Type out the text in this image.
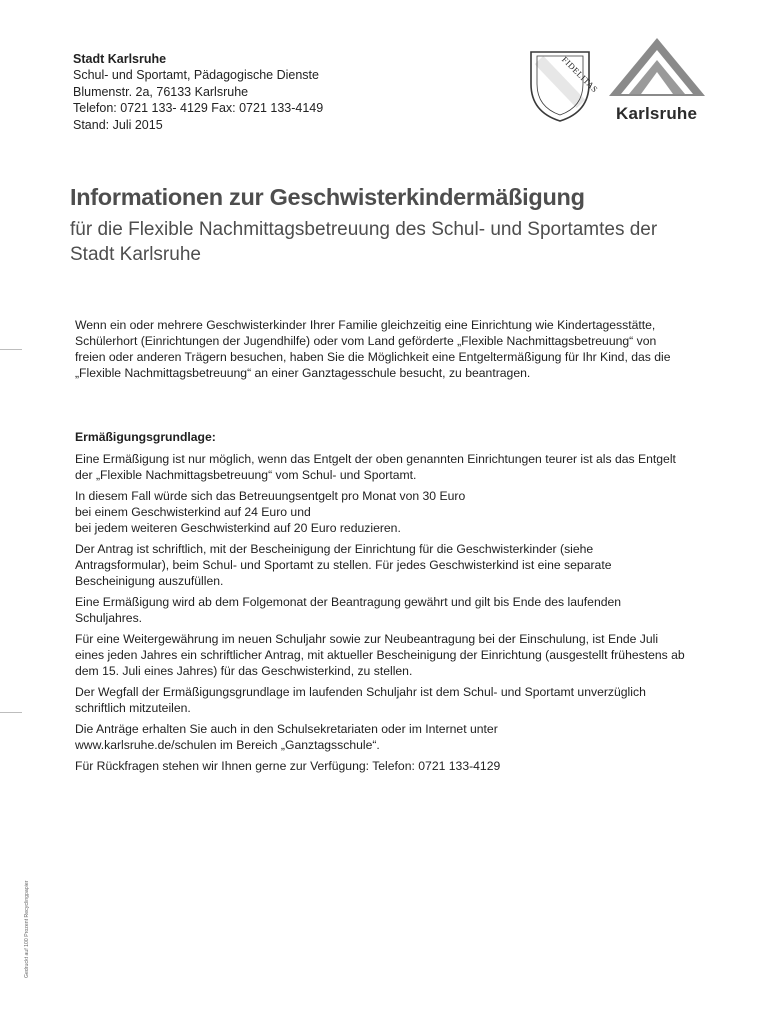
Stadt Karlsruhe
Schul- und Sportamt, Pädagogische Dienste
Blumenstr. 2a, 76133 Karlsruhe
Telefon: 0721 133- 4129 Fax: 0721 133-4149
Stand: Juli 2015
FIDELITAS
Karlsruhe
Informationen zur Geschwisterkindermäßigung
für die Flexible Nachmittagsbetreuung des Schul- und Sportamtes der Stadt Karlsruhe

Wenn ein oder mehrere Geschwisterkinder Ihrer Familie gleichzeitig eine Einrichtung wie Kindertagesstätte, Schülerhort (Einrichtungen der Jugendhilfe) oder vom Land geförderte „Flexible Nachmittagsbetreuung“ von freien oder anderen Trägern besuchen, haben Sie die Möglichkeit eine Entgeltermäßigung für Ihr Kind, das die „Flexible Nachmittagsbetreuung“ an einer Ganztagesschule besucht, zu beantragen.

Ermäßigungsgrundlage:

Eine Ermäßigung ist nur möglich, wenn das Entgelt der oben genannten Einrichtungen teurer ist als das Entgelt der „Flexible Nachmittagsbetreuung“ vom Schul- und Sportamt.

In diesem Fall würde sich das Betreuungsentgelt pro Monat von 30 Euro
bei einem Geschwisterkind auf 24 Euro und
bei jedem weiteren Geschwisterkind auf 20 Euro reduzieren.

Der Antrag ist schriftlich, mit der Bescheinigung der Einrichtung für die Geschwisterkinder (siehe Antragsformular), beim Schul- und Sportamt zu stellen. Für jedes Geschwisterkind ist eine separate Bescheinigung auszufüllen.

Eine Ermäßigung wird ab dem Folgemonat der Beantragung gewährt und gilt bis Ende des laufenden Schuljahres.

Für eine Weitergewährung im neuen Schuljahr sowie zur Neubeantragung bei der Einschulung, ist Ende Juli eines jeden Jahres ein schriftlicher Antrag, mit aktueller Bescheinigung der Einrichtung (ausgestellt frühestens ab dem 15. Juli eines Jahres) für das Geschwisterkind, zu stellen.

Der Wegfall der Ermäßigungsgrundlage im laufenden Schuljahr ist dem Schul- und Sportamt unverzüglich schriftlich mitzuteilen.

Die Anträge erhalten Sie auch in den Schulsekretariaten oder im Internet unter
www.karlsruhe.de/schulen im Bereich „Ganztagsschule“.

Für Rückfragen stehen wir Ihnen gerne zur Verfügung: Telefon: 0721 133-4129

Gedruckt auf 100 Prozent Recyclingpapier
